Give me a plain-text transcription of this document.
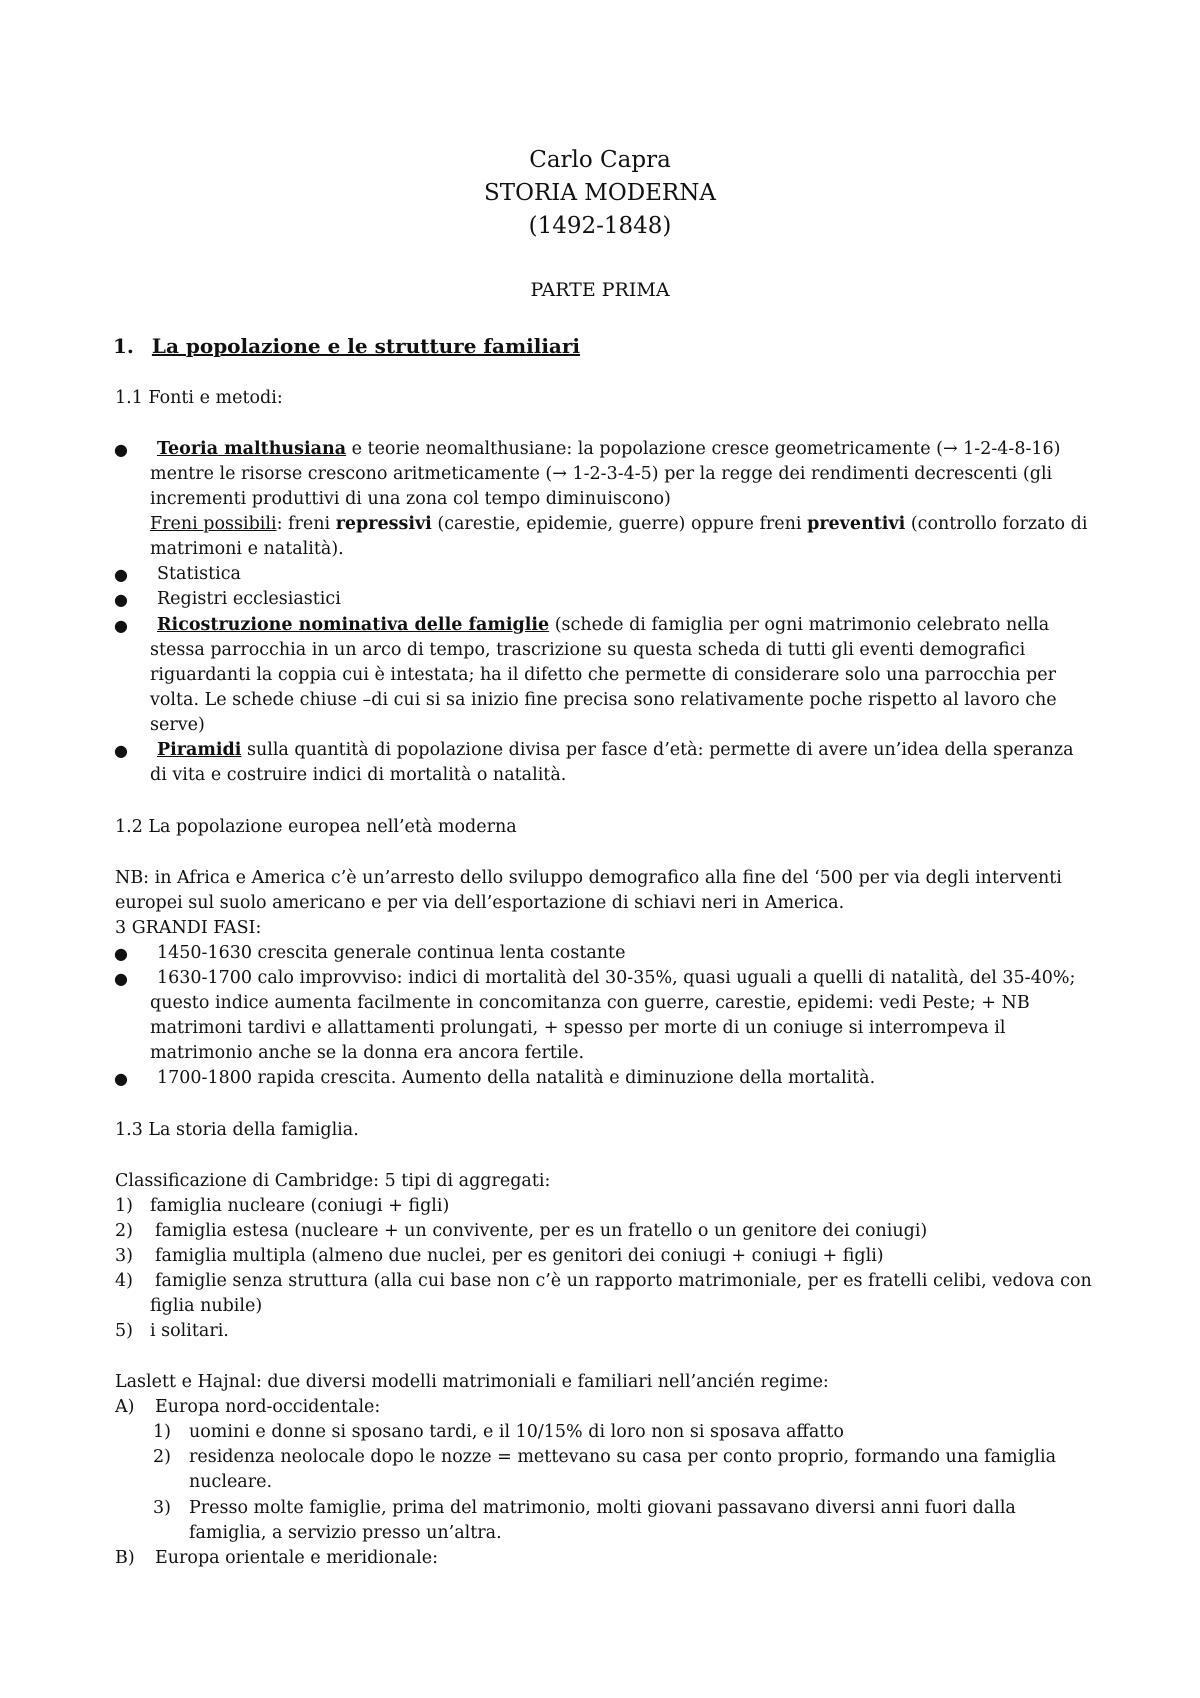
Carlo Capra
STORIA MODERNA
(1492-1848)
PARTE PRIMA
1. La popolazione e le strutture familiari
1.1 Fonti e metodi:
● Teoria malthusiana e teorie neomalthusiane: la popolazione cresce geometricamente (→ 1-2-4-8-16)
mentre le risorse crescono aritmeticamente (→ 1-2-3-4-5) per la regge dei rendimenti decrescenti (gli
incrementi produttivi di una zona col tempo diminuiscono)
Freni possibili: freni repressivi (carestie, epidemie, guerre) oppure freni preventivi (controllo forzato di
matrimoni e natalità).
● Statistica
● Registri ecclesiastici
● Ricostruzione nominativa delle famiglie (schede di famiglia per ogni matrimonio celebrato nella
stessa parrocchia in un arco di tempo, trascrizione su questa scheda di tutti gli eventi demografici
riguardanti la coppia cui è intestata; ha il difetto che permette di considerare solo una parrocchia per
volta. Le schede chiuse –di cui si sa inizio fine precisa sono relativamente poche rispetto al lavoro che
serve)
● Piramidi sulla quantità di popolazione divisa per fasce d’età: permette di avere un’idea della speranza
di vita e costruire indici di mortalità o natalità.
1.2 La popolazione europea nell’età moderna
NB: in Africa e America c’è un’arresto dello sviluppo demografico alla fine del ‘500 per via degli interventi
europei sul suolo americano e per via dell’esportazione di schiavi neri in America.
3 GRANDI FASI:
● 1450-1630 crescita generale continua lenta costante
● 1630-1700 calo improvviso: indici di mortalità del 30-35%, quasi uguali a quelli di natalità, del 35-40%;
questo indice aumenta facilmente in concomitanza con guerre, carestie, epidemi: vedi Peste; + NB
matrimoni tardivi e allattamenti prolungati, + spesso per morte di un coniuge si interrompeva il
matrimonio anche se la donna era ancora fertile.
● 1700-1800 rapida crescita. Aumento della natalità e diminuzione della mortalità.
1.3 La storia della famiglia.
Classificazione di Cambridge: 5 tipi di aggregati:
1) famiglia nucleare (coniugi + figli)
2) famiglia estesa (nucleare + un convivente, per es un fratello o un genitore dei coniugi)
3) famiglia multipla (almeno due nuclei, per es genitori dei coniugi + coniugi + figli)
4) famiglie senza struttura (alla cui base non c’è un rapporto matrimoniale, per es fratelli celibi, vedova con
figlia nubile)
5) i solitari.
Laslett e Hajnal: due diversi modelli matrimoniali e familiari nell’ancién regime:
A) Europa nord-occidentale:
1) uomini e donne si sposano tardi, e il 10/15% di loro non si sposava affatto
2) residenza neolocale dopo le nozze = mettevano su casa per conto proprio, formando una famiglia
nucleare.
3) Presso molte famiglie, prima del matrimonio, molti giovani passavano diversi anni fuori dalla
famiglia, a servizio presso un’altra.
B) Europa orientale e meridionale:
